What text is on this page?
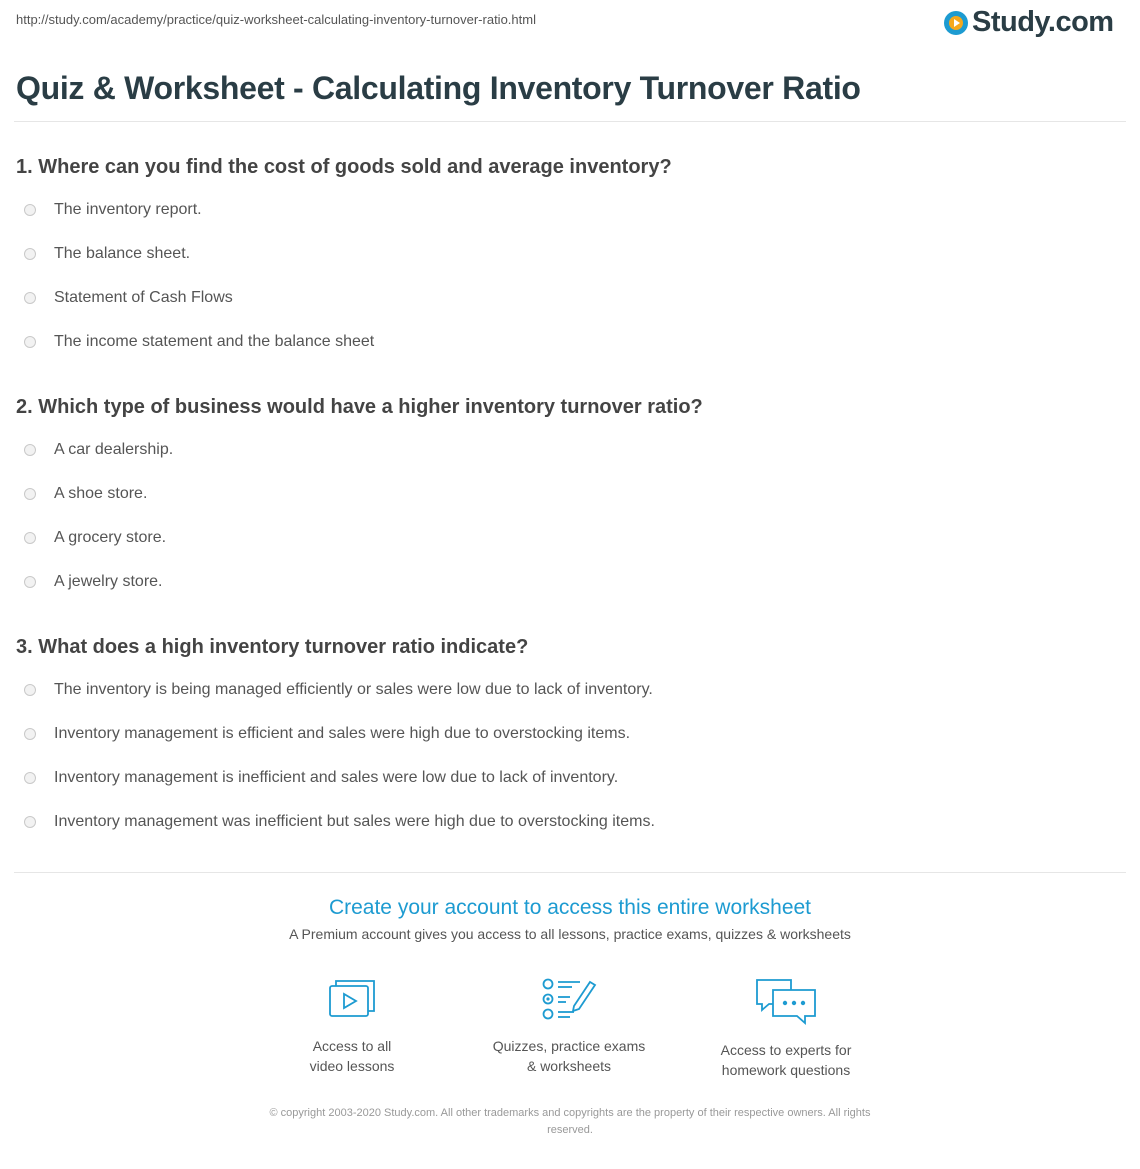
http://study.com/academy/practice/quiz-worksheet-calculating-inventory-turnover-ratio.html	Study.com
Quiz & Worksheet - Calculating Inventory Turnover Ratio
1. Where can you find the cost of goods sold and average inventory?
The inventory report.
The balance sheet.
Statement of Cash Flows
The income statement and the balance sheet
2. Which type of business would have a higher inventory turnover ratio?
A car dealership.
A shoe store.
A grocery store.
A jewelry store.
3. What does a high inventory turnover ratio indicate?
The inventory is being managed efficiently or sales were low due to lack of inventory.
Inventory management is efficient and sales were high due to overstocking items.
Inventory management is inefficient and sales were low due to lack of inventory.
Inventory management was inefficient but sales were high due to overstocking items.
Create your account to access this entire worksheet
A Premium account gives you access to all lessons, practice exams, quizzes & worksheets
Access to all
video lessons
Quizzes, practice exams
& worksheets
Access to experts for
homework questions
© copyright 2003-2020 Study.com. All other trademarks and copyrights are the property of their respective owners. All rights
reserved.
